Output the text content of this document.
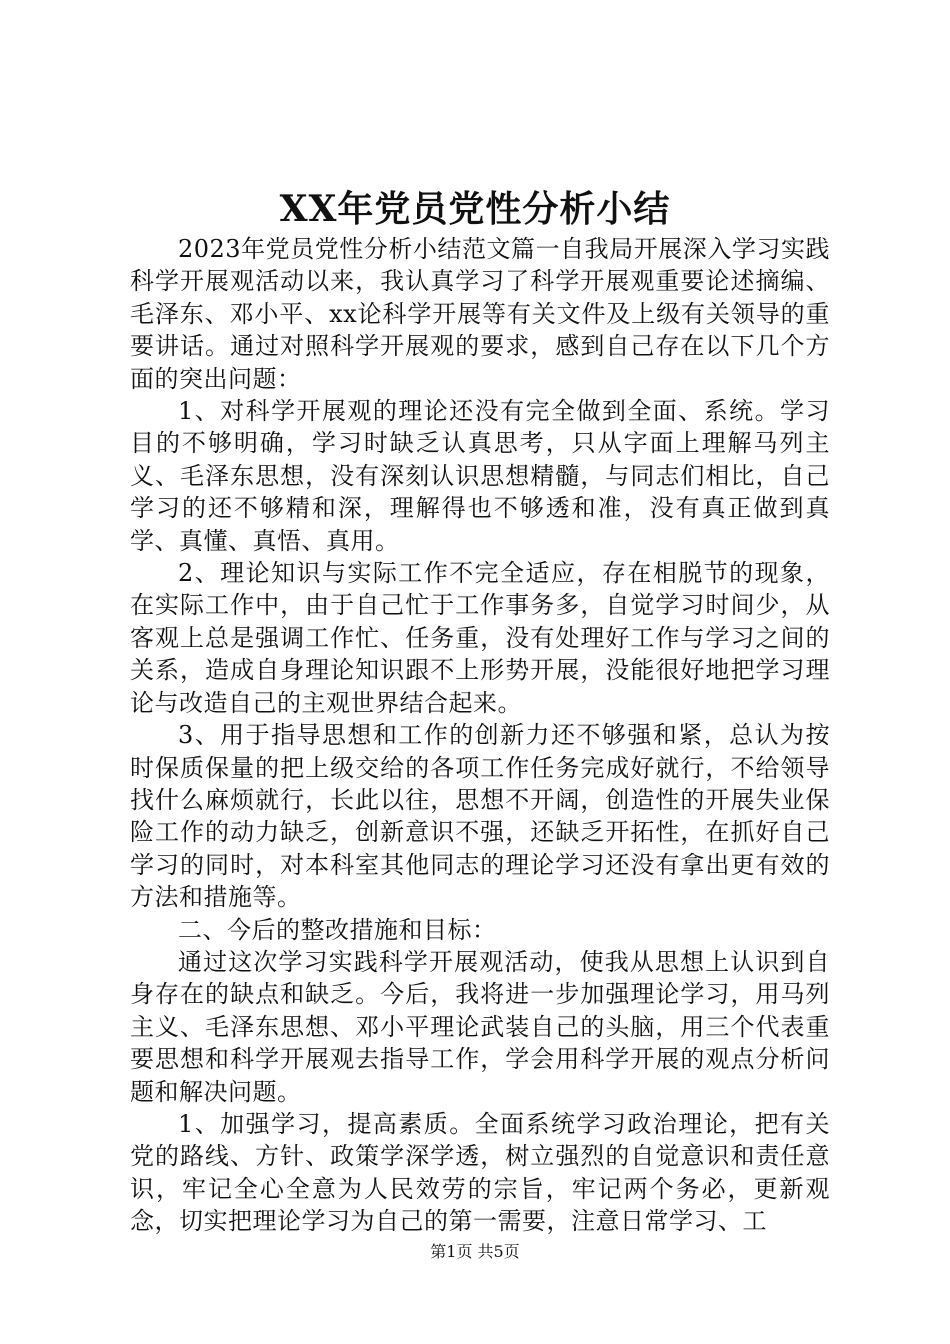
XX年党员党性分析小结

2023年党员党性分析小结范文篇一自我局开展深入学习实践科学开展观活动以来，我认真学习了科学开展观重要论述摘编、毛泽东、邓小平、xx论科学开展等有关文件及上级有关领导的重要讲话。通过对照科学开展观的要求，感到自己存在以下几个方面的突出问题：

1、对科学开展观的理论还没有完全做到全面、系统。学习目的不够明确，学习时缺乏认真思考，只从字面上理解马列主义、毛泽东思想，没有深刻认识思想精髓，与同志们相比，自己学习的还不够精和深，理解得也不够透和准，没有真正做到真学、真懂、真悟、真用。

2、理论知识与实际工作不完全适应，存在相脱节的现象，在实际工作中，由于自己忙于工作事务多，自觉学习时间少，从客观上总是强调工作忙、任务重，没有处理好工作与学习之间的关系，造成自身理论知识跟不上形势开展，没能很好地把学习理论与改造自己的主观世界结合起来。

3、用于指导思想和工作的创新力还不够强和紧，总认为按时保质保量的把上级交给的各项工作任务完成好就行，不给领导找什么麻烦就行，长此以往，思想不开阔，创造性的开展失业保险工作的动力缺乏，创新意识不强，还缺乏开拓性，在抓好自己学习的同时，对本科室其他同志的理论学习还没有拿出更有效的方法和措施等。

二、今后的整改措施和目标：

通过这次学习实践科学开展观活动，使我从思想上认识到自身存在的缺点和缺乏。今后，我将进一步加强理论学习，用马列主义、毛泽东思想、邓小平理论武装自己的头脑，用三个代表重要思想和科学开展观去指导工作，学会用科学开展的观点分析问题和解决问题。

1、加强学习，提高素质。全面系统学习政治理论，把有关党的路线、方针、政策学深学透，树立强烈的自觉意识和责任意识，牢记全心全意为人民效劳的宗旨，牢记两个务必，更新观念，切实把理论学习为自己的第一需要，注意日常学习、工

第1页 共5页
